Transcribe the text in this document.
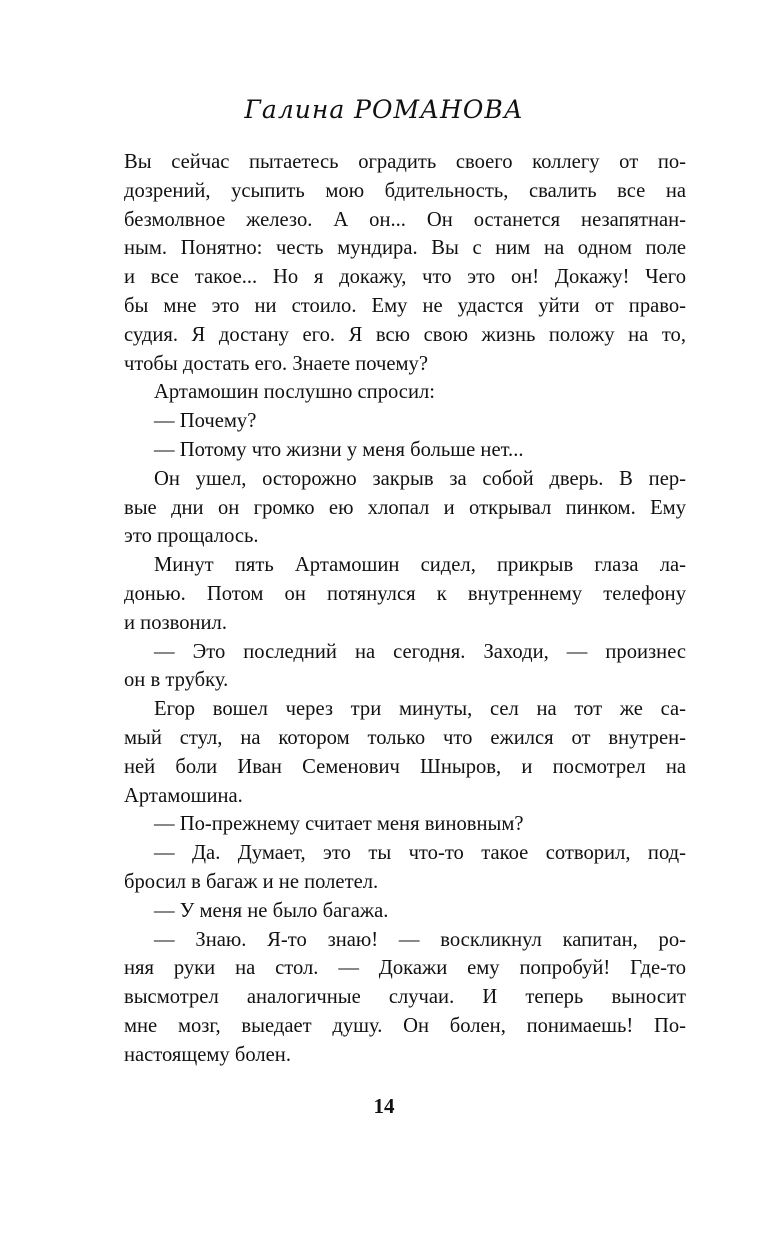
Галина РОМАНОВА
Вы сейчас пытаетесь оградить своего коллегу от по-
дозрений, усыпить мою бдительность, свалить все на
безмолвное железо. А он... Он останется незапятнан-
ным. Понятно: честь мундира. Вы с ним на одном поле
и все такое... Но я докажу, что это он! Докажу! Чего
бы мне это ни стоило. Ему не удастся уйти от право-
судия. Я достану его. Я всю свою жизнь положу на то,
чтобы достать его. Знаете почему?
Артамошин послушно спросил:
— Почему?
— Потому что жизни у меня больше нет...
Он ушел, осторожно закрыв за собой дверь. В пер-
вые дни он громко ею хлопал и открывал пинком. Ему
это прощалось.
Минут пять Артамошин сидел, прикрыв глаза ла-
донью. Потом он потянулся к внутреннему телефону
и позвонил.
— Это последний на сегодня. Заходи, — произнес
он в трубку.
Егор вошел через три минуты, сел на тот же са-
мый стул, на котором только что ежился от внутрен-
ней боли Иван Семенович Шныров, и посмотрел на
Артамошина.
— По-прежнему считает меня виновным?
— Да. Думает, это ты что-то такое сотворил, под-
бросил в багаж и не полетел.
— У меня не было багажа.
— Знаю. Я-то знаю! — воскликнул капитан, ро-
няя руки на стол. — Докажи ему попробуй! Где-то
высмотрел аналогичные случаи. И теперь выносит
мне мозг, выедает душу. Он болен, понимаешь! По-
настоящему болен.
14
